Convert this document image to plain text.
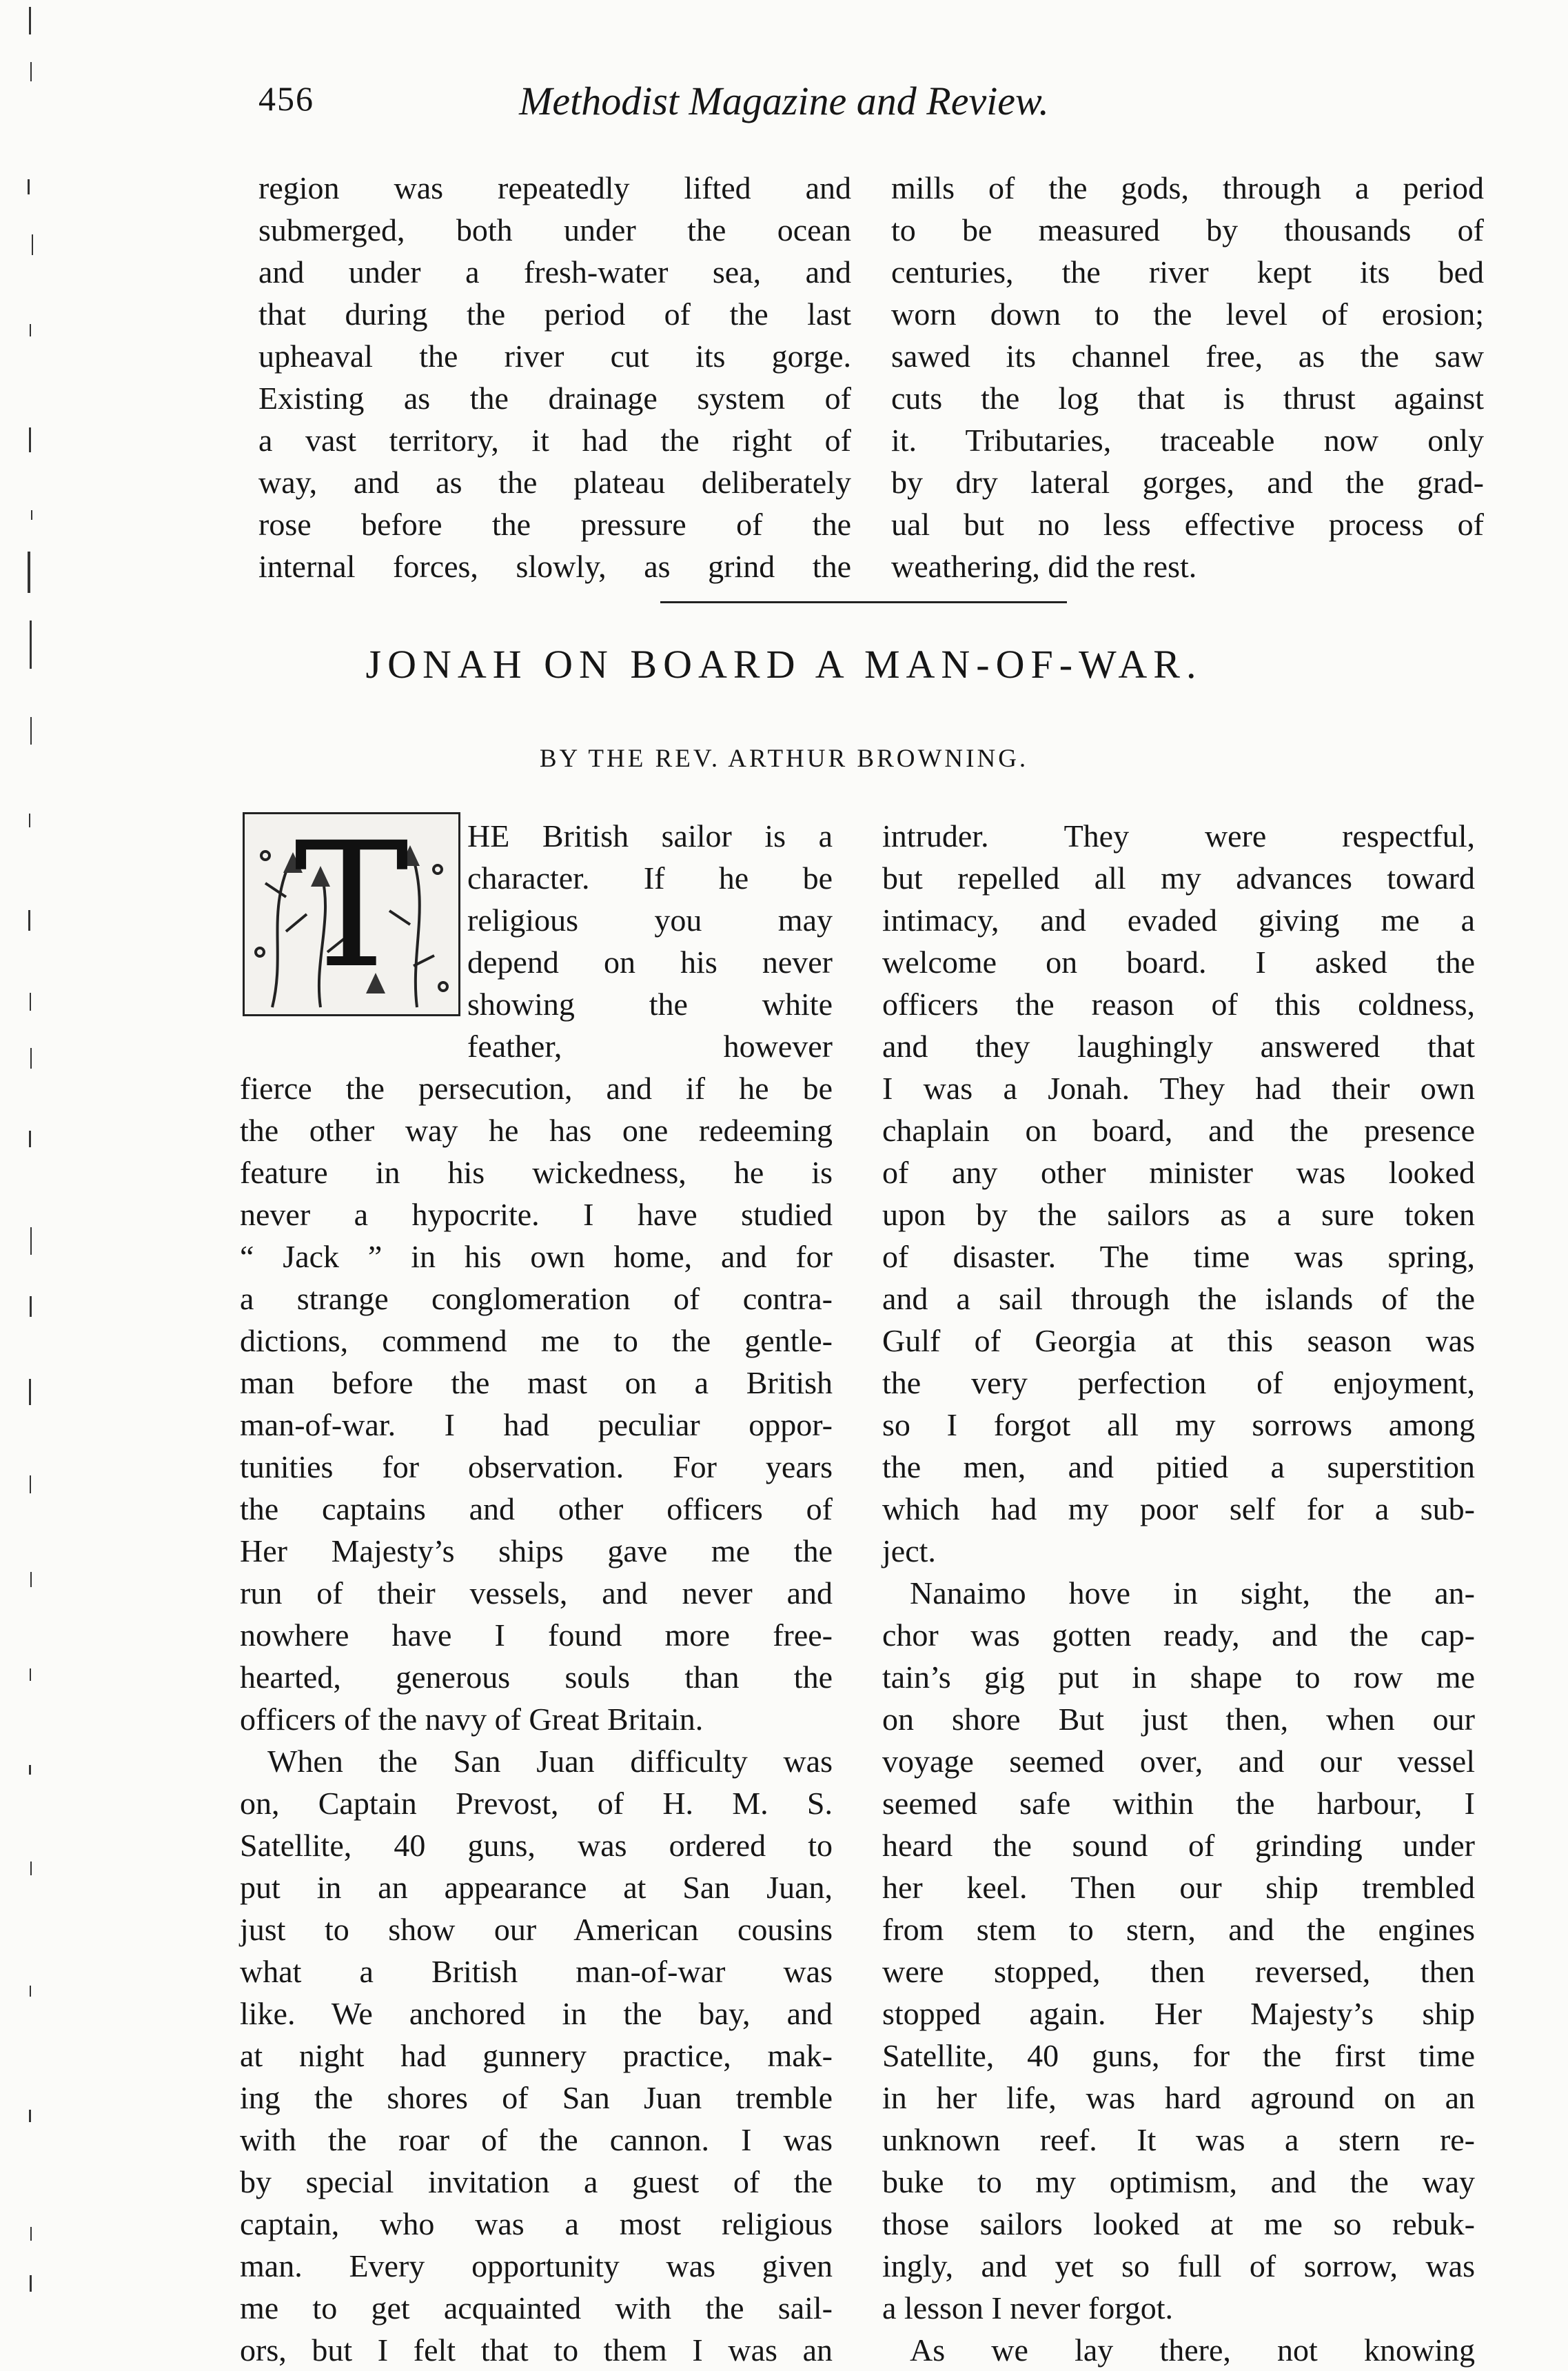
456	Methodist Magazine and Review.

region was repeatedly lifted and

submerged, both under the ocean

and under a fresh-water sea, and

that during the period of the last

upheaval the river cut its gorge.

Existing as the drainage system of

a vast territory, it had the right of

way, and as the plateau deliberately

rose before the pressure of the

internal forces, slowly, as grind the

mills of the gods, through a period

to be measured by thousands of

centuries, the river kept its bed

worn down to the level of erosion;

sawed its channel free, as the saw

cuts the log that is thrust against

it. Tributaries, traceable now only

by dry lateral gorges, and the grad-

ual but no less effective process of

weathering, did the rest.

JONAH ON BOARD A MAN-OF-WAR.
BY THE REV. ARTHUR BROWNING.
T	HE British sailor is a

character. If he be

religious you may

depend on his never

showing the white

feather, however

fierce the persecution, and if he be

the other way he has one redeeming

feature in his wickedness, he is

never a hypocrite. I have studied

“ Jack ” in his own home, and for

a strange conglomeration of contra-

dictions, commend me to the gentle-

man before the mast on a British

man-of-war. I had peculiar oppor-

tunities for observation. For years

the captains and other officers of

Her Majesty’s ships gave me the

run of their vessels, and never and

nowhere have I found more free-

hearted, generous souls than the

officers of the navy of Great Britain.

When the San Juan difficulty was

on, Captain Prevost, of H. M. S.

Satellite, 40 guns, was ordered to

put in an appearance at San Juan,

just to show our American cousins

what a British man-of-war was

like. We anchored in the bay, and

at night had gunnery practice, mak-

ing the shores of San Juan tremble

with the roar of the cannon. I was

by special invitation a guest of the

captain, who was a most religious

man. Every opportunity was given

me to get acquainted with the sail-

ors, but I felt that to them I was an

intruder. They were respectful,

but repelled all my advances toward

intimacy, and evaded giving me a

welcome on board. I asked the

officers the reason of this coldness,

and they laughingly answered that

I was a Jonah. They had their own

chaplain on board, and the presence

of any other minister was looked

upon by the sailors as a sure token

of disaster. The time was spring,

and a sail through the islands of the

Gulf of Georgia at this season was

the very perfection of enjoyment,

so I forgot all my sorrows among

the men, and pitied a superstition

which had my poor self for a sub-

ject.

Nanaimo hove in sight, the an-

chor was gotten ready, and the cap-

tain’s gig put in shape to row me

on shore But just then, when our

voyage seemed over, and our vessel

seemed safe within the harbour, I

heard the sound of grinding under

her keel. Then our ship trembled

from stem to stern, and the engines

were stopped, then reversed, then

stopped again. Her Majesty’s ship

Satellite, 40 guns, for the first time

in her life, was hard aground on an

unknown reef. It was a stern re-

buke to my optimism, and the way

those sailors looked at me so rebuk-

ingly, and yet so full of sorrow, was

a lesson I never forgot.

As we lay there, not knowing
